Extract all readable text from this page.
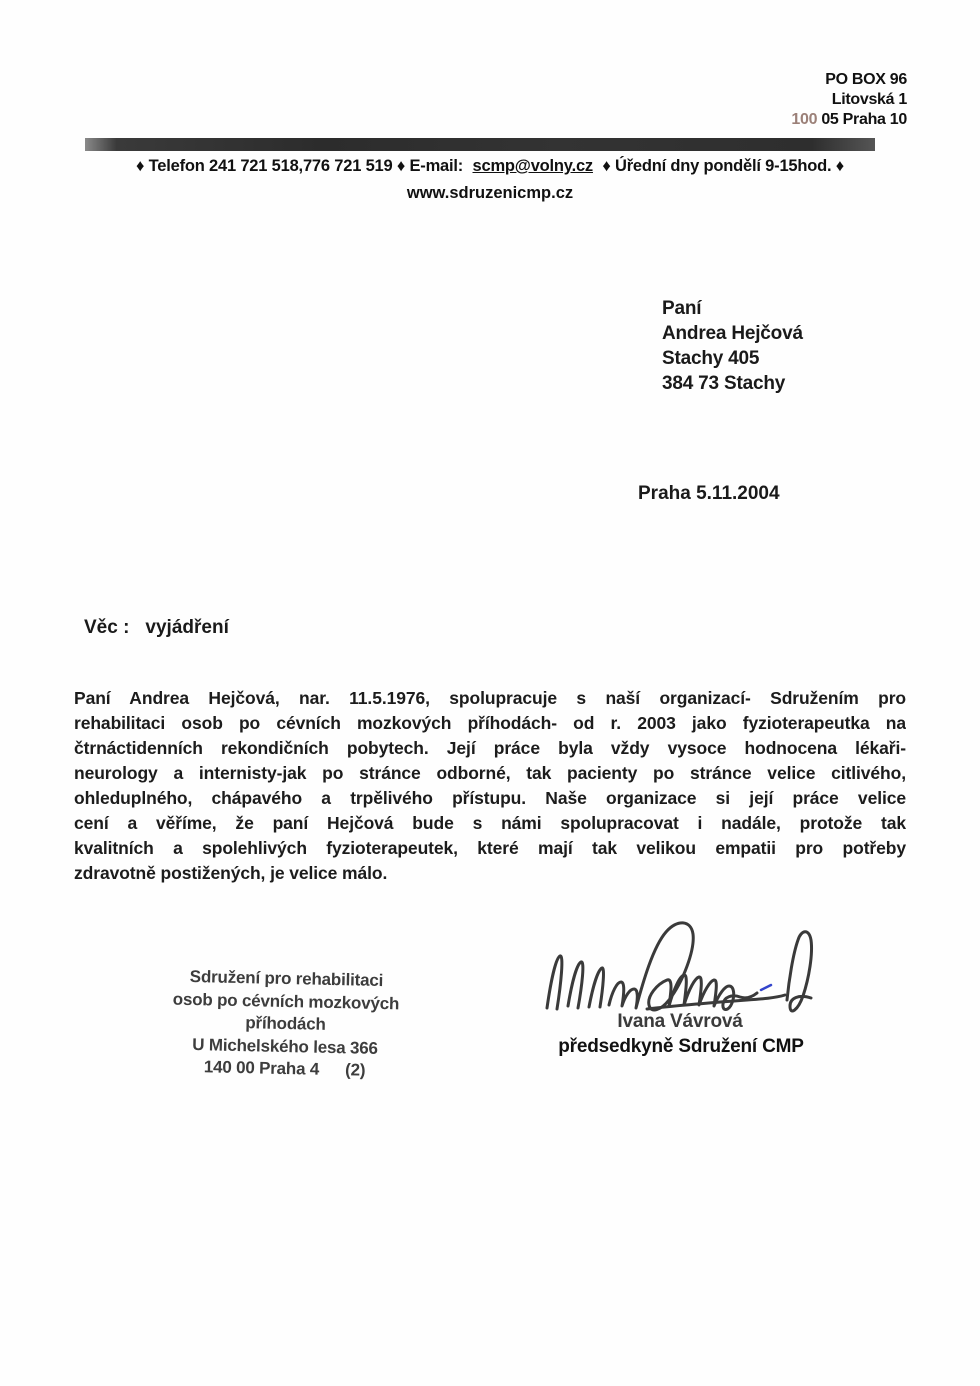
PO BOX 96
Litovská 1
100 05 Praha 10
♦ Telefon 241 721 518,776 721 519 ♦ E-mail: scmp@volny.cz ♦ Úřední dny pondělí 9-15hod. ♦
www.sdruzenicmp.cz
Paní
Andrea Hejčová
Stachy 405
384 73 Stachy
Praha 5.11.2004
Věc : vyjádření
Paní Andrea Hejčová, nar. 11.5.1976, spolupracuje s naší organizací- Sdružením pro
rehabilitaci osob po cévních mozkových příhodách- od r. 2003 jako fyzioterapeutka na
čtrnáctidenních rekondičních pobytech. Její práce byla vždy vysoce hodnocena lékaři-
neurology a internisty-jak po stránce odborné, tak pacienty po stránce velice citlivého,
ohleduplného, chápavého a trpělivého přístupu. Naše organizace si její práce velice
cení a věříme, že paní Hejčová bude s námi spolupracovat i nadále, protože tak
kvalitních a spolehlivých fyzioterapeutek, které mají tak velikou empatii pro potřeby
zdravotně postižených, je velice málo.
Sdružení pro rehabilitaci
osob po cévních mozkových
příhodách
U Michelského lesa 366
140 00 Praha 4 (2)
Ivana Vávrová
předsedkyně Sdružení CMP
